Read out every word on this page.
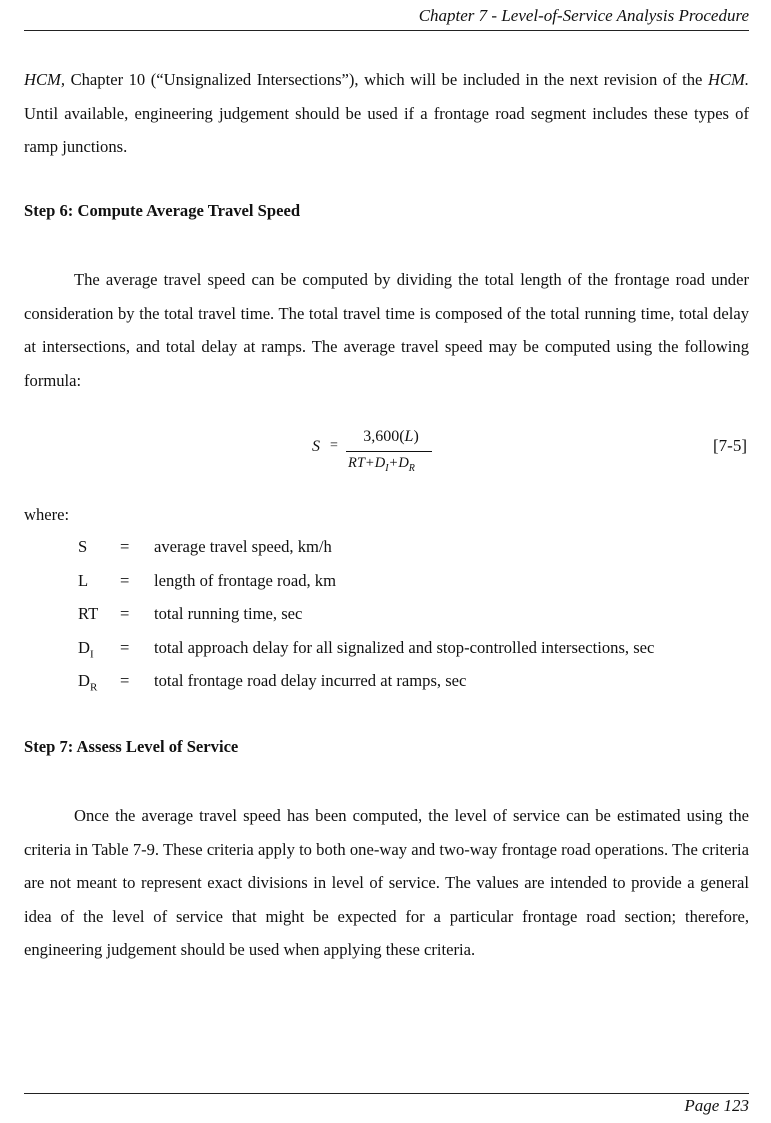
Chapter 7 - Level-of-Service Analysis Procedure

HCM, Chapter 10 (“Unsignalized Intersections”), which will be included in the next revision of the HCM. Until available, engineering judgement should be used if a frontage road segment includes these types of ramp junctions.

Step 6: Compute Average Travel Speed

The average travel speed can be computed by dividing the total length of the frontage road under consideration by the total travel time. The total travel time is composed of the total running time, total delay at intersections, and total delay at ramps. The average travel speed may be computed using the following formula:

S =
3,600(L)
$RT+D_I+D_R$
[7-5]
where:
S	= average travel speed, km/h
L	= length of frontage road, km
RT	= total running time, sec
$D_I$	= total approach delay for all signalized and stop-controlled intersections, sec
$D_R$	= total frontage road delay incurred at ramps, sec

Step 7: Assess Level of Service

Once the average travel speed has been computed, the level of service can be estimated using the criteria in Table 7-9. These criteria apply to both one-way and two-way frontage road operations. The criteria are not meant to represent exact divisions in level of service. The values are intended to provide a general idea of the level of service that might be expected for a particular frontage road section; therefore, engineering judgement should be used when applying these criteria.

Page 123
